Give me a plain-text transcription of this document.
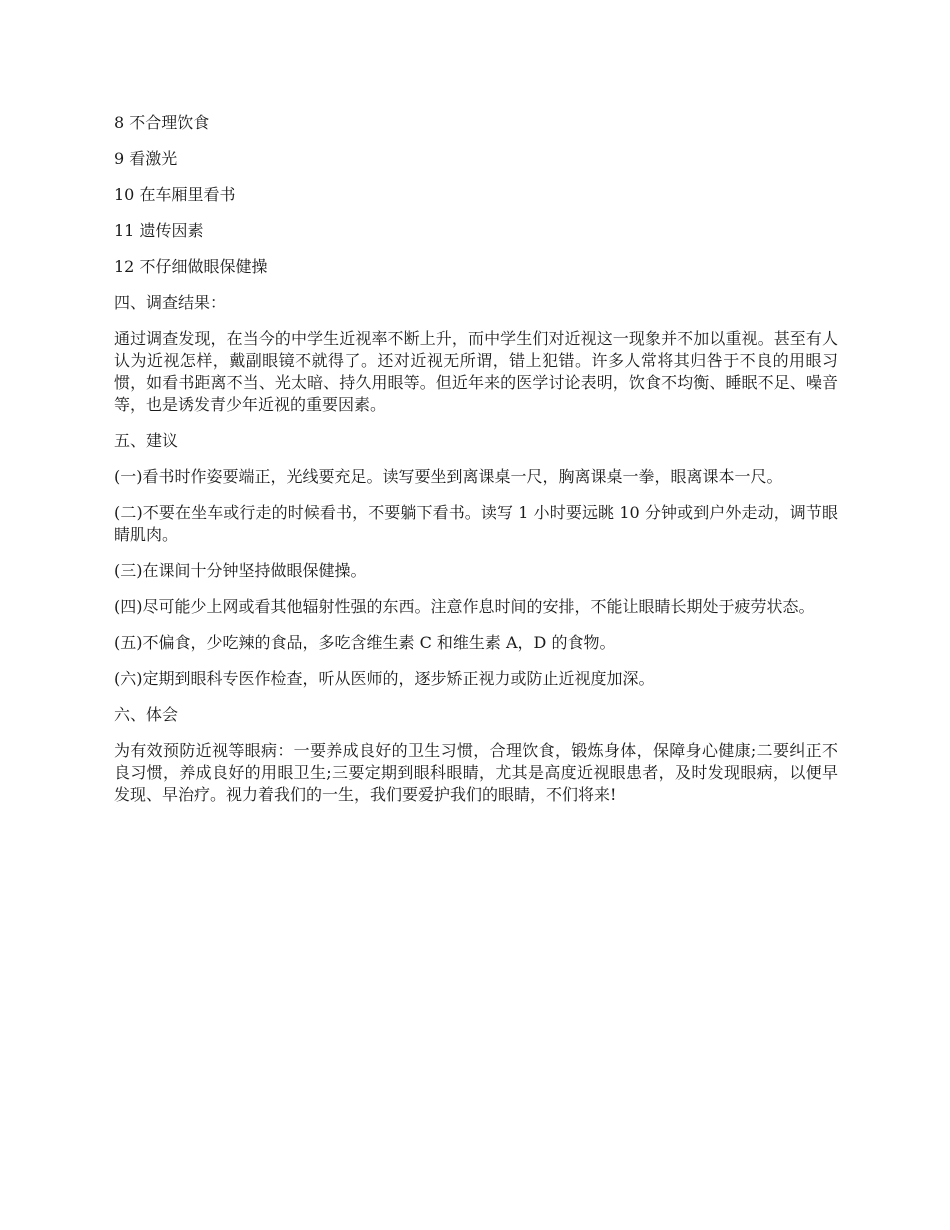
8 不合理饮食

9 看激光

10 在车厢里看书

11 遗传因素

12 不仔细做眼保健操

四、调查结果：

通过调查发现，在当今的中学生近视率不断上升，而中学生们对近视这一现象并不加以重视。甚至有人认为近视怎样，戴副眼镜不就得了。还对近视无所谓，错上犯错。许多人常将其归咎于不良的用眼习惯，如看书距离不当、光太暗、持久用眼等。但近年来的医学讨论表明，饮食不均衡、睡眠不足、噪音等，也是诱发青少年近视的重要因素。

五、建议

(一)看书时作姿要端正，光线要充足。读写要坐到离课桌一尺，胸离课桌一拳，眼离课本一尺。

(二)不要在坐车或行走的时候看书，不要躺下看书。读写 1 小时要远眺 10 分钟或到户外走动，调节眼睛肌肉。

(三)在课间十分钟坚持做眼保健操。

(四)尽可能少上网或看其他辐射性强的东西。注意作息时间的安排，不能让眼睛长期处于疲劳状态。

(五)不偏食，少吃辣的食品，多吃含维生素 C 和维生素 A，D 的食物。

(六)定期到眼科专医作检查，听从医师的，逐步矫正视力或防止近视度加深。

六、体会

为有效预防近视等眼病：一要养成良好的卫生习惯，合理饮食，锻炼身体，保障身心健康;二要纠正不良习惯，养成良好的用眼卫生;三要定期到眼科眼睛，尤其是高度近视眼患者，及时发现眼病，以便早发现、早治疗。视力着我们的一生，我们要爱护我们的眼睛，不们将来!
